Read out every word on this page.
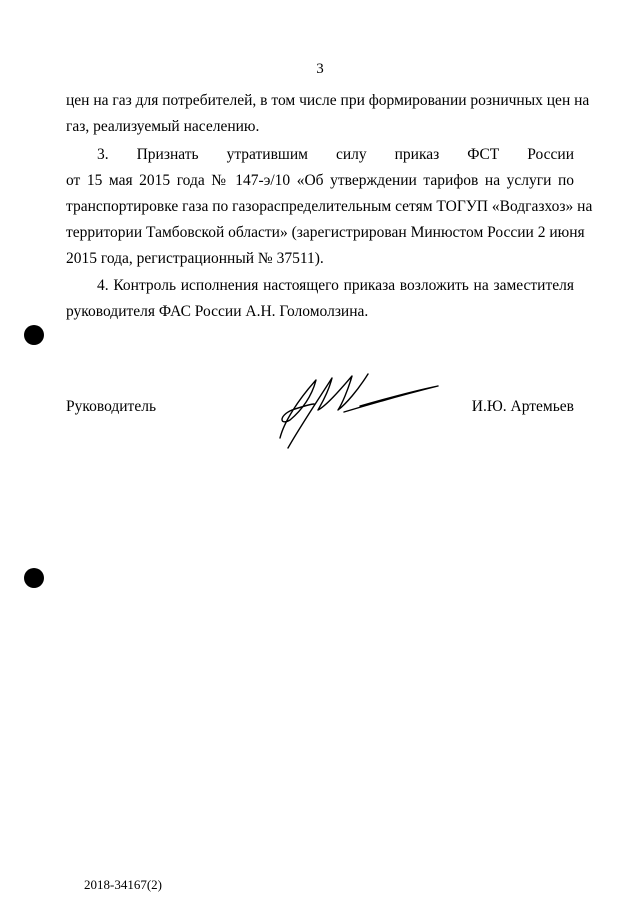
3
цен на газ для потребителей, в том числе при формировании розничных цен на
газ, реализуемый населению.
3. Признать утратившим силу приказ ФСТ России
от 15 мая 2015 года № 147-э/10 «Об утверждении тарифов на услуги по
транспортировке газа по газораспределительным сетям ТОГУП «Водгазхоз» на
территории Тамбовской области» (зарегистрирован Минюстом России 2 июня
2015 года, регистрационный № 37511).
4. Контроль исполнения настоящего приказа возложить на заместителя
руководителя ФАС России А.Н. Голомолзина.
Руководитель	И.Ю. Артемьев
2018-34167(2)
